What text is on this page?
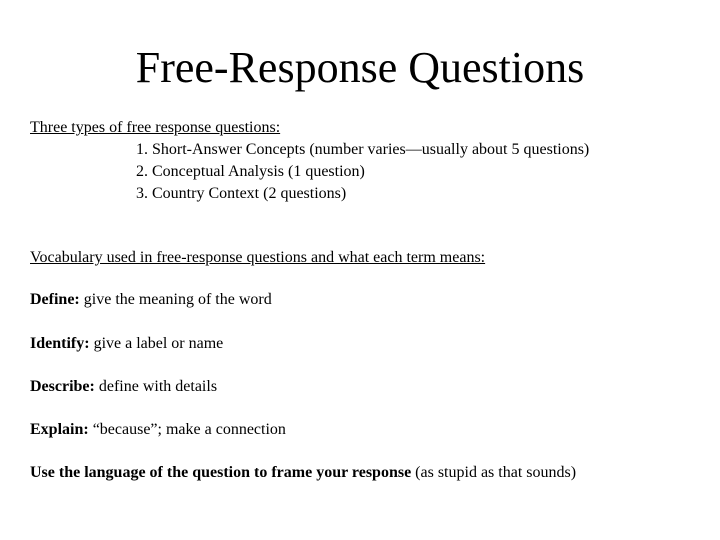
Free-Response Questions
Three types of free response questions:
1. Short-Answer Concepts (number varies—usually about 5 questions)
2. Conceptual Analysis (1 question)
3. Country Context (2 questions)
Vocabulary used in free-response questions and what each term means:
Define: give the meaning of the word
Identify: give a label or name
Describe: define with details
Explain: “because”; make a connection
Use the language of the question to frame your response (as stupid as that sounds)
